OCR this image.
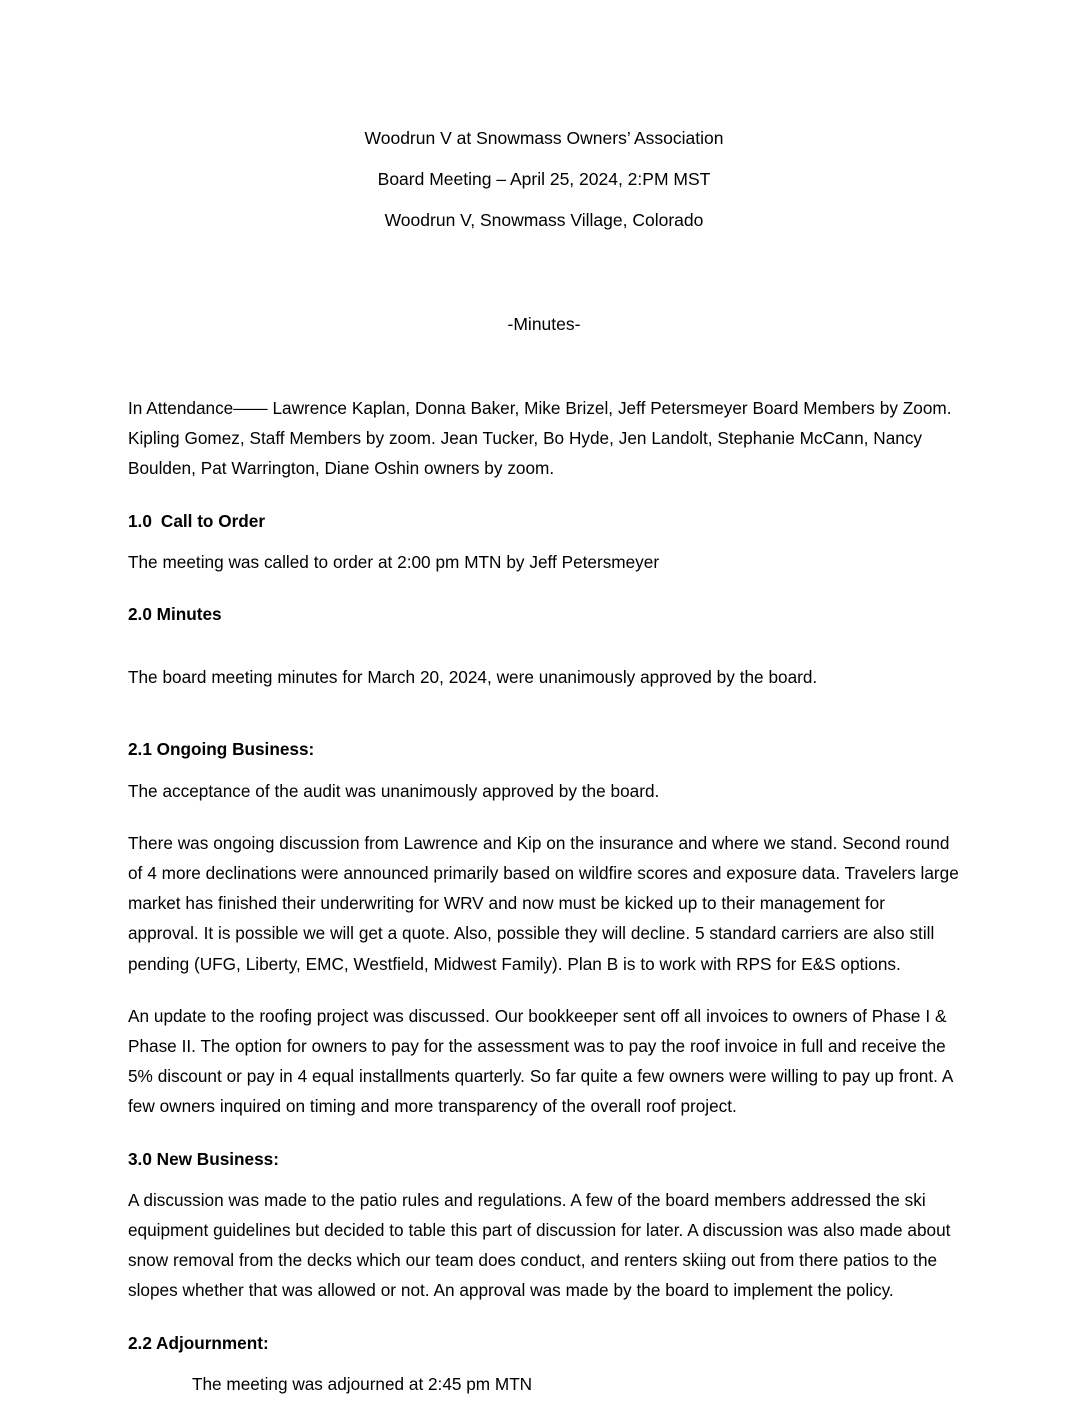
Woodrun V at Snowmass Owners’ Association
Board Meeting – April 25, 2024, 2:PM MST
Woodrun V, Snowmass Village, Colorado
-Minutes-

In Attendance—— Lawrence Kaplan, Donna Baker, Mike Brizel, Jeff Petersmeyer Board Members by Zoom. Kipling Gomez, Staff Members by zoom. Jean Tucker, Bo Hyde, Jen Landolt, Stephanie McCann, Nancy Boulden, Pat Warrington, Diane Oshin owners by zoom.

1.0 Call to Order

The meeting was called to order at 2:00 pm MTN by Jeff Petersmeyer

2.0 Minutes

The board meeting minutes for March 20, 2024, were unanimously approved by the board.

2.1 Ongoing Business:

The acceptance of the audit was unanimously approved by the board.

There was ongoing discussion from Lawrence and Kip on the insurance and where we stand. Second round of 4 more declinations were announced primarily based on wildfire scores and exposure data. Travelers large market has finished their underwriting for WRV and now must be kicked up to their management for approval. It is possible we will get a quote. Also, possible they will decline. 5 standard carriers are also still pending (UFG, Liberty, EMC, Westfield, Midwest Family). Plan B is to work with RPS for E&S options.

An update to the roofing project was discussed. Our bookkeeper sent off all invoices to owners of Phase I & Phase II. The option for owners to pay for the assessment was to pay the roof invoice in full and receive the 5% discount or pay in 4 equal installments quarterly. So far quite a few owners were willing to pay up front. A few owners inquired on timing and more transparency of the overall roof project.

3.0 New Business:

A discussion was made to the patio rules and regulations. A few of the board members addressed the ski equipment guidelines but decided to table this part of discussion for later. A discussion was also made about snow removal from the decks which our team does conduct, and renters skiing out from there patios to the slopes whether that was allowed or not. An approval was made by the board to implement the policy.

2.2 Adjournment:

The meeting was adjourned at 2:45 pm MTN
